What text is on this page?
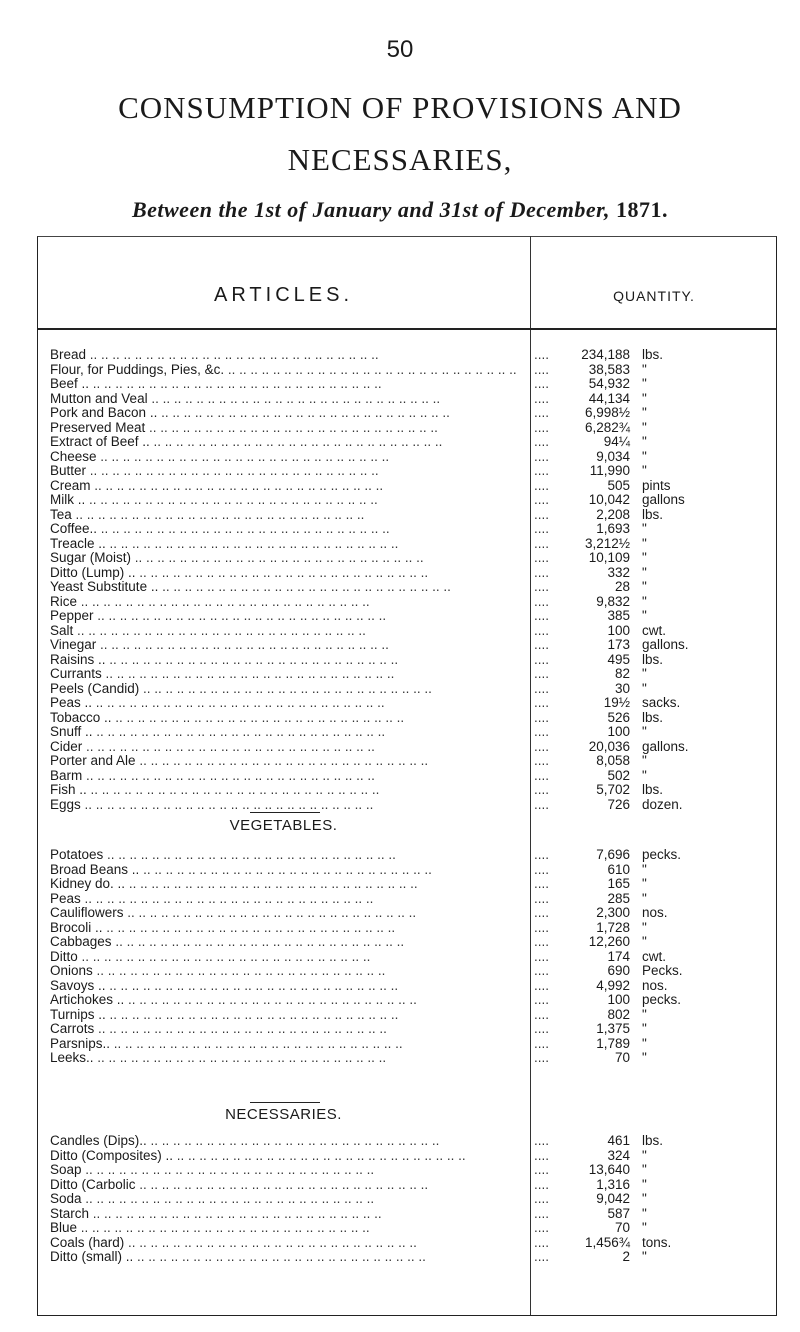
50
CONSUMPTION OF PROVISIONS AND
NECESSARIES,
Between the 1st of January and 31st of December, 1871.
ARTICLES.	QUANTITY.
Bread .. ..	....	234,188 lbs.
Flour, for Puddings, Pies, &c. .. ..	....	38,583 "
Beef .. .. ..	....	54,932 "
Mutton and Veal .. ..	....	44,134 "
Pork and Bacon .. .. ..	....	6,998½ "
Preserved Meat .. ..	....	6,282¾ "
Extract of Beef .. .. ..	....	94¼ "
Cheese .. ..	....	9,034 "
Butter .. ..	....	11,990 "
Cream .. ..	....	505 pints
Milk .. .. ..	....	10,042 gallons
Tea .. ..	....	2,208 lbs.
Coffee.. .. ..	....	1,693 "
Treacle .. .. ..	....	3,212½ "
Sugar (Moist) .. ..	....	10,109 "
Ditto (Lump) .. .. ..	....	332 "
Yeast Substitute .. .. ..	....	28 "
Rice .. ..	....	9,832 "
Pepper .. ..	....	385 "
Salt .. ..	....	100 cwt.
Vinegar .. ..	....	173 gallons.
Raisins .. .. ..	....	495 lbs.
Currants .. ..	....	82 "
Peels (Candid) .. ..	....	30 "
Peas .. .. ..	....	19½ sacks.
Tobacco .. .. ..	....	526 lbs.
Snuff .. .. ..	....	100 "
Cider .. ..	....	20,036 gallons.
Porter and Ale .. ..	....	8,058 "
Barm .. ..	....	502 "
Fish .. .. ..	....	5,702 lbs.
Eggs .. ..	....	726 dozen.
VEGETABLES.
Potatoes .. ..	....	7,696 pecks.
Broad Beans .. .. ..	....	610 "
Kidney do. .. .. ..	....	165 "
Peas .. ..	....	285 "
Cauliflowers .. ..	....	2,300 nos.
Brocoli .. .. ..	....	1,728 "
Cabbages .. ..	....	12,260 "
Ditto .. ..	....	174 cwt.
Onions .. ..	....	690 Pecks.
Savoys .. .. ..	....	4,992 nos.
Artichokes .. .. ..	....	100 pecks.
Turnips .. .. ..	....	802 "
Carrots .. ..	....	1,375 "
Parsnips.. .. ..	....	1,789 "
Leeks.. .. ..	....	70 "
NECESSARIES.
Candles (Dips).. .. ..	....	461 lbs.
Ditto (Composites) .. .. ..	....	324 "
Soap .. ..	....	13,640 "
Ditto (Carbolic .. ..	....	1,316 "
Soda .. ..	....	9,042 "
Starch .. ..	....	587 "
Blue .. ..	....	70 "
Coals (hard) .. ..	....	1,456¾ tons.
Ditto (small) .. .. ..	....	2 "
